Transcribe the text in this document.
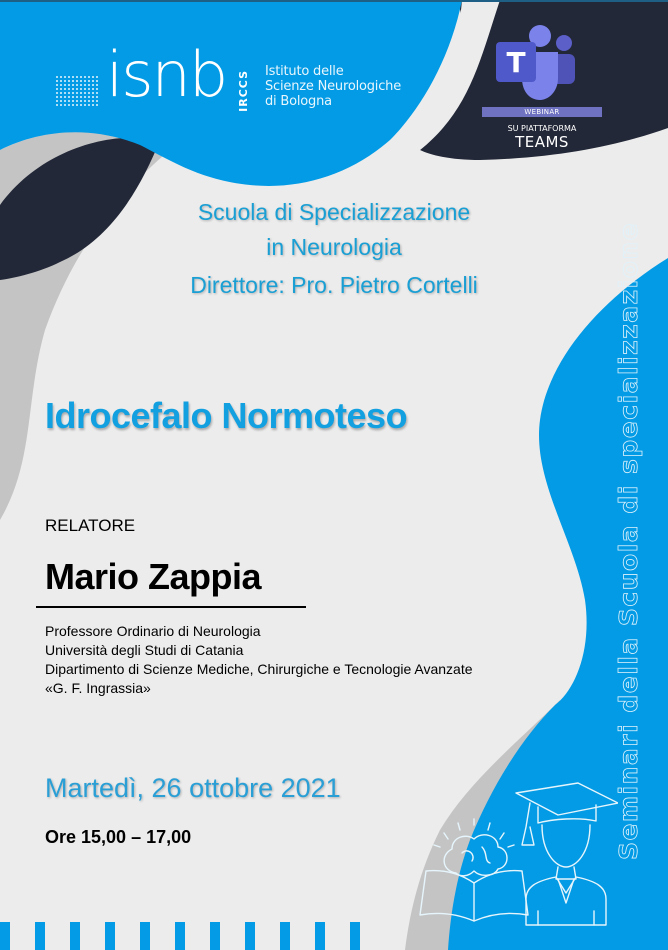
isnb IRCCS Istituto delle
Scienze Neurologiche
di Bologna
T
WEBINAR
SU PIATTAFORMA
TEAMS
Scuola di Specializzazione
in Neurologia
Direttore: Pro. Pietro Cortelli
Idrocefalo Normoteso
RELATORE
Mario Zappia
Professore Ordinario di Neurologia
Università degli Studi di Catania
Dipartimento di Scienze Mediche, Chirurgiche e Tecnologie Avanzate
«G. F. Ingrassia»
Martedì, 26 ottobre 2021
Ore 15,00 – 17,00	Seminari della Scuola di specializzazione
